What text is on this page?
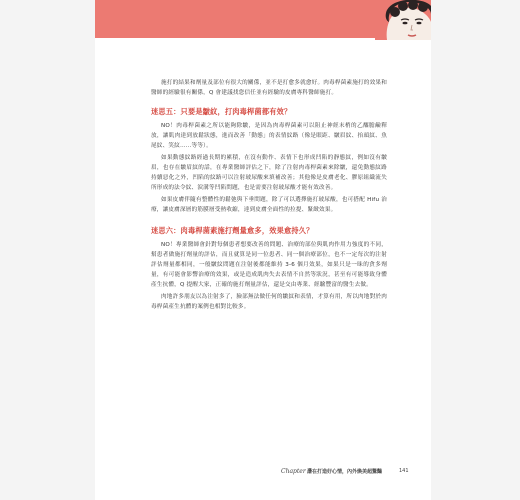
施打的結果和劑量及部位有很大的關係，並不是打愈多就愈好。肉毒桿菌素施打的效果和醫師的經驗很有關係，Q 會建議找您信任並有經驗的皮膚專科醫師施打。

迷思五：只要是皺紋，打肉毒桿菌都有效？

NO！肉毒桿菌素之所以能夠除皺，是因為肉毒桿菌素可以阻止神經末梢的乙醯膽鹼釋放，讓肌肉達到放鬆狀態，進而改善「動態」的表情紋路（像是眼距、皺眉紋、抬頭紋、魚尾紋、笑紋……等等）。

如果動態紋路經過長期的累積，在沒有動作、表情下也形成凹陷的靜態紋，例如沒有皺眉，也存在皺眉紋的話，在專業醫師評估之下，除了注射肉毒桿菌素來除皺，還免動態紋路持續惡化之外，凹陷的紋路可以注射玻尿酸來填補改善；其他像是皮膚老化、膠原組織流失所形成的法令紋、淚溝等凹陷問題，也是需要注射玻尿酸才能有效改善。

如果皮膚伴隨有整體性的鬆弛與下垂問題，除了可以選擇施打玻尿酸，也可搭配 Hifu 治療，讓皮膚深層的筋膜層受熱收縮，達到皮膚全面性的拉提、緊緻效果。

迷思六：肉毒桿菌素施打劑量愈多，效果愈持久？

NO！專業醫師會針對每個患者想要改善的問題、治療的部位與肌肉作用力強度的不同，幫患者做施打劑量的評估，而且就算是同一位患者、同一個治療部位，也不一定每次的注射評估劑量都相同，一般皺紋問題在注射後都能維持 3-6 個月效果，如果只是一昧的貪多劑量，有可能會影響治療的效果，或是造成肌肉失去表情不自然等狀況，甚至有可能導致身體產生抗體，Q 提醒大家，正確的施打劑量評估，還是交由專業、經驗豐富的醫生去做。

肉地許多朋友以為注射多了，臉部無法做任何的皺紋和表情，才算有用，所以肉地對於肉毒桿菌產生抗體的案例也相對比較多。

Chapter 3
潛在打造好心情，內外煥美超驚豔	141
